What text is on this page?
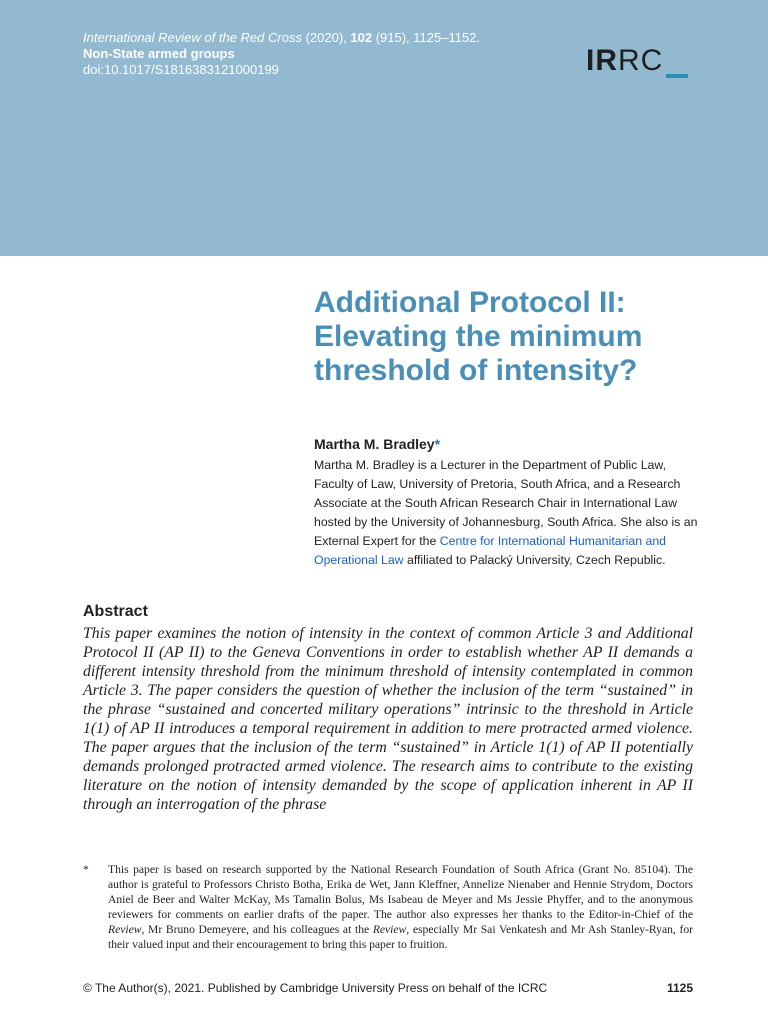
International Review of the Red Cross (2020), 102 (915), 1125–1152.
Non-State armed groups
doi:10.1017/S1816383121000199	IRRC
Additional Protocol II: Elevating the minimum threshold of intensity?
Martha M. Bradley*
Martha M. Bradley is a Lecturer in the Department of Public Law, Faculty of Law, University of Pretoria, South Africa, and a Research Associate at the South African Research Chair in International Law hosted by the University of Johannesburg, South Africa. She also is an External Expert for the Centre for International Humanitarian and Operational Law affiliated to Palacký University, Czech Republic.
Abstract
This paper examines the notion of intensity in the context of common Article 3 and Additional Protocol II (AP II) to the Geneva Conventions in order to establish whether AP II demands a different intensity threshold from the minimum threshold of intensity contemplated in common Article 3. The paper considers the question of whether the inclusion of the term “sustained” in the phrase “sustained and concerted military operations” intrinsic to the threshold in Article 1(1) of AP II introduces a temporal requirement in addition to mere protracted armed violence. The paper argues that the inclusion of the term “sustained” in Article 1(1) of AP II potentially demands prolonged protracted armed violence. The research aims to contribute to the existing literature on the notion of intensity demanded by the scope of application inherent in AP II through an interrogation of the phrase
* This paper is based on research supported by the National Research Foundation of South Africa (Grant No. 85104). The author is grateful to Professors Christo Botha, Erika de Wet, Jann Kleffner, Annelize Nienaber and Hennie Strydom, Doctors Aniel de Beer and Walter McKay, Ms Tamalin Bolus, Ms Isabeau de Meyer and Ms Jessie Phyffer, and to the anonymous reviewers for comments on earlier drafts of the paper. The author also expresses her thanks to the Editor-in-Chief of the Review, Mr Bruno Demeyere, and his colleagues at the Review, especially Mr Sai Venkatesh and Mr Ash Stanley-Ryan, for their valued input and their encouragement to bring this paper to fruition.
© The Author(s), 2021. Published by Cambridge University Press on behalf of the ICRC	1125
